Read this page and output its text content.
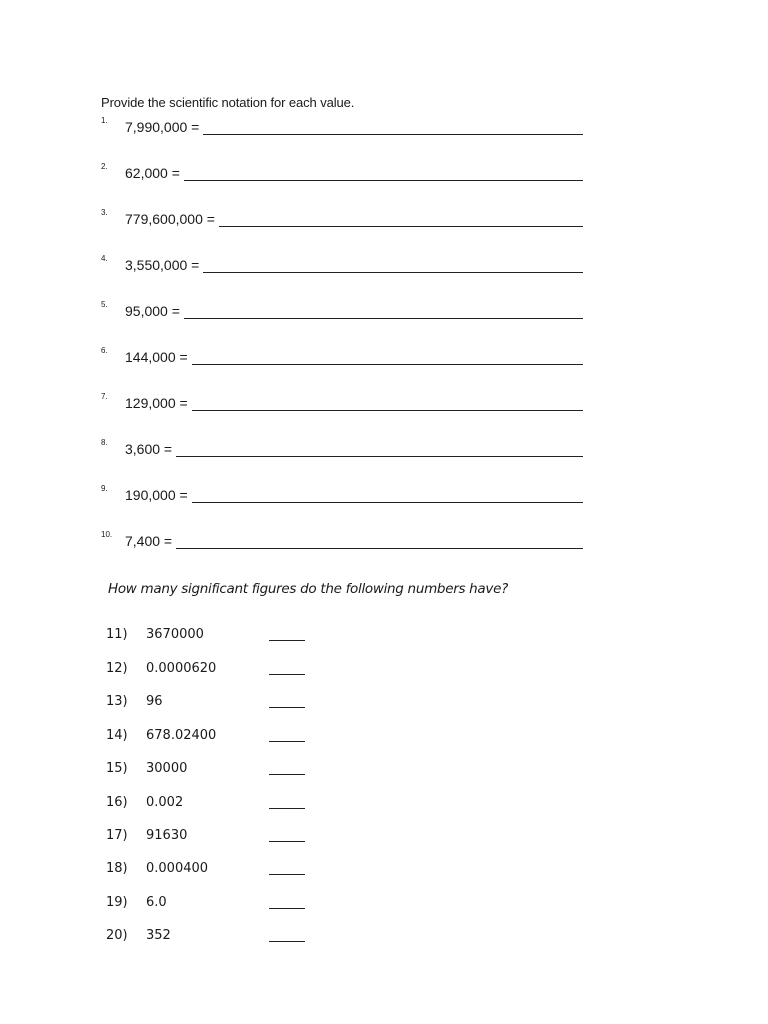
Provide the scientific notation for each value.
1. 7,990,000 =
2. 62,000 =
3. 779,600,000 =
4. 3,550,000 =
5. 95,000 =
6. 144,000 =
7. 129,000 =
8. 3,600 =
9. 190,000 =
10. 7,400 =
How many significant figures do the following numbers have?
11) 3670000
12) 0.0000620
13) 96
14) 678.02400
15) 30000
16) 0.002
17) 91630
18) 0.000400
19) 6.0
20) 352
